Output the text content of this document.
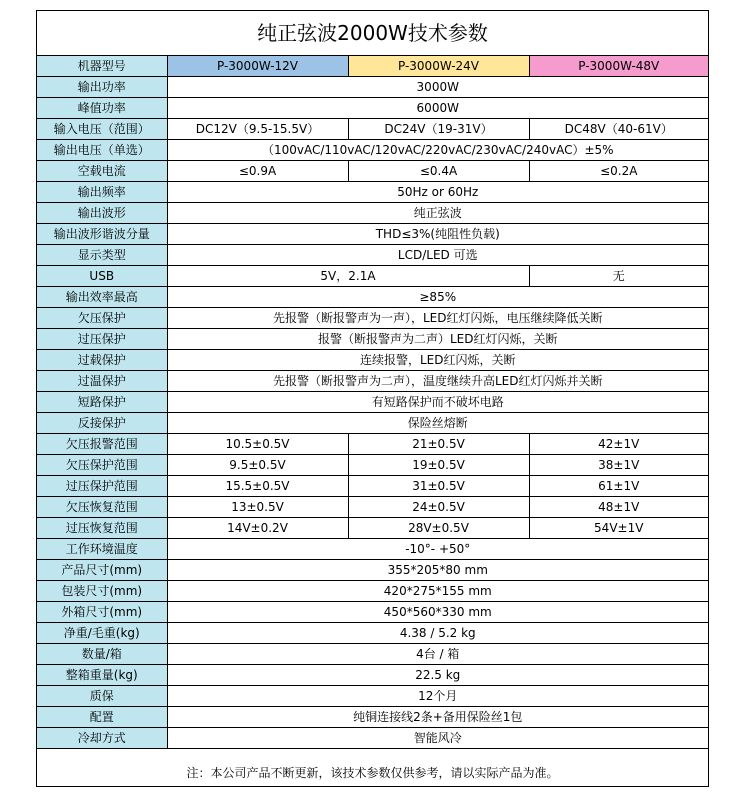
纯正弦波2000W技术参数
机器型号	P-3000W-12V	P-3000W-24V	P-3000W-48V
输出功率	3000W		
峰值功率	6000W		
输入电压（范围）	DC12V（9.5-15.5V）	DC24V（19-31V）	DC48V（40-61V）
输出电压（单选）	（100vAC/110vAC/120vAC/220vAC/230vAC/240vAC）±5%		
空载电流	≤0.9A	≤0.4A	≤0.2A
输出频率	50Hz or 60Hz		
输出波形	纯正弦波		
输出波形谐波分量	THD≤3%(纯阻性负载)		
显示类型	LCD/LED 可选		
USB	5V，2.1A		无
输出效率最高	≥85%		
欠压保护	先报警（断报警声为一声），LED红灯闪烁，电压继续降低关断		
过压保护	报警（断报警声为二声）LED红灯闪烁，关断		
过载保护	连续报警，LED红闪烁，关断		
过温保护	先报警（断报警声为二声），温度继续升高LED红灯闪烁并关断		
短路保护	有短路保护而不破坏电路		
反接保护	保险丝熔断		
欠压报警范围	10.5±0.5V	21±0.5V	42±1V
欠压保护范围	9.5±0.5V	19±0.5V	38±1V
过压保护范围	15.5±0.5V	31±0.5V	61±1V
欠压恢复范围	13±0.5V	24±0.5V	48±1V
过压恢复范围	14V±0.2V	28V±0.5V	54V±1V
工作环境温度	-10°- +50°		
产品尺寸(mm)	355*205*80 mm		
包装尺寸(mm)	420*275*155 mm		
外箱尺寸(mm)	450*560*330 mm		
净重/毛重(kg)	4.38 / 5.2 kg		
数量/箱	4台 / 箱		
整箱重量(kg)	22.5 kg		
质保	12个月		
配置	纯铜连接线2条+备用保险丝1包		
冷却方式	智能风冷		
注：本公司产品不断更新，该技术参数仅供参考，请以实际产品为准。
